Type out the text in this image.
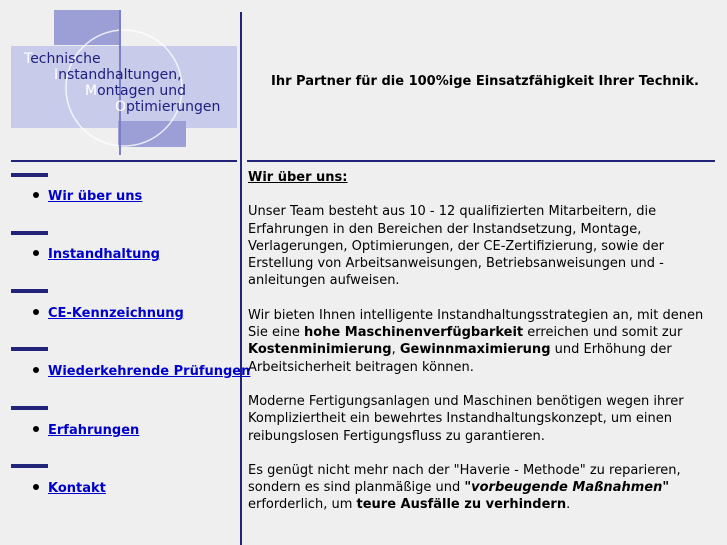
Technische
Instandhaltungen,
Montagen und
Optimierungen
Ihr Partner für die 100%ige Einsatzfähigkeit Ihrer Technik.
Wir über uns
Instandhaltung
CE-Kennzeichnung
Wiederkehrende Prüfungen
Erfahrungen
Kontakt
Wir über uns:

Unser Team besteht aus 10 - 12 qualifizierten Mitarbeitern, die Erfahrungen in den Bereichen der Instandsetzung, Montage, Verlagerungen, Optimierungen, der CE-Zertifizierung, sowie der Erstellung von Arbeitsanweisungen, Betriebsanweisungen und -anleitungen aufweisen.

Wir bieten Ihnen intelligente Instandhaltungsstrategien an, mit denen Sie eine hohe Maschinenverfügbarkeit erreichen und somit zur Kostenminimierung, Gewinnmaximierung und Erhöhung der Arbeitsicherheit beitragen können.

Moderne Fertigungsanlagen und Maschinen benötigen wegen ihrer Kompliziertheit ein bewehrtes Instandhaltungskonzept, um einen reibungslosen Fertigungsfluss zu garantieren.

Es genügt nicht mehr nach der "Haverie - Methode" zu reparieren, sondern es sind planmäßige und "vorbeugende Maßnahmen" erforderlich, um teure Ausfälle zu verhindern.
